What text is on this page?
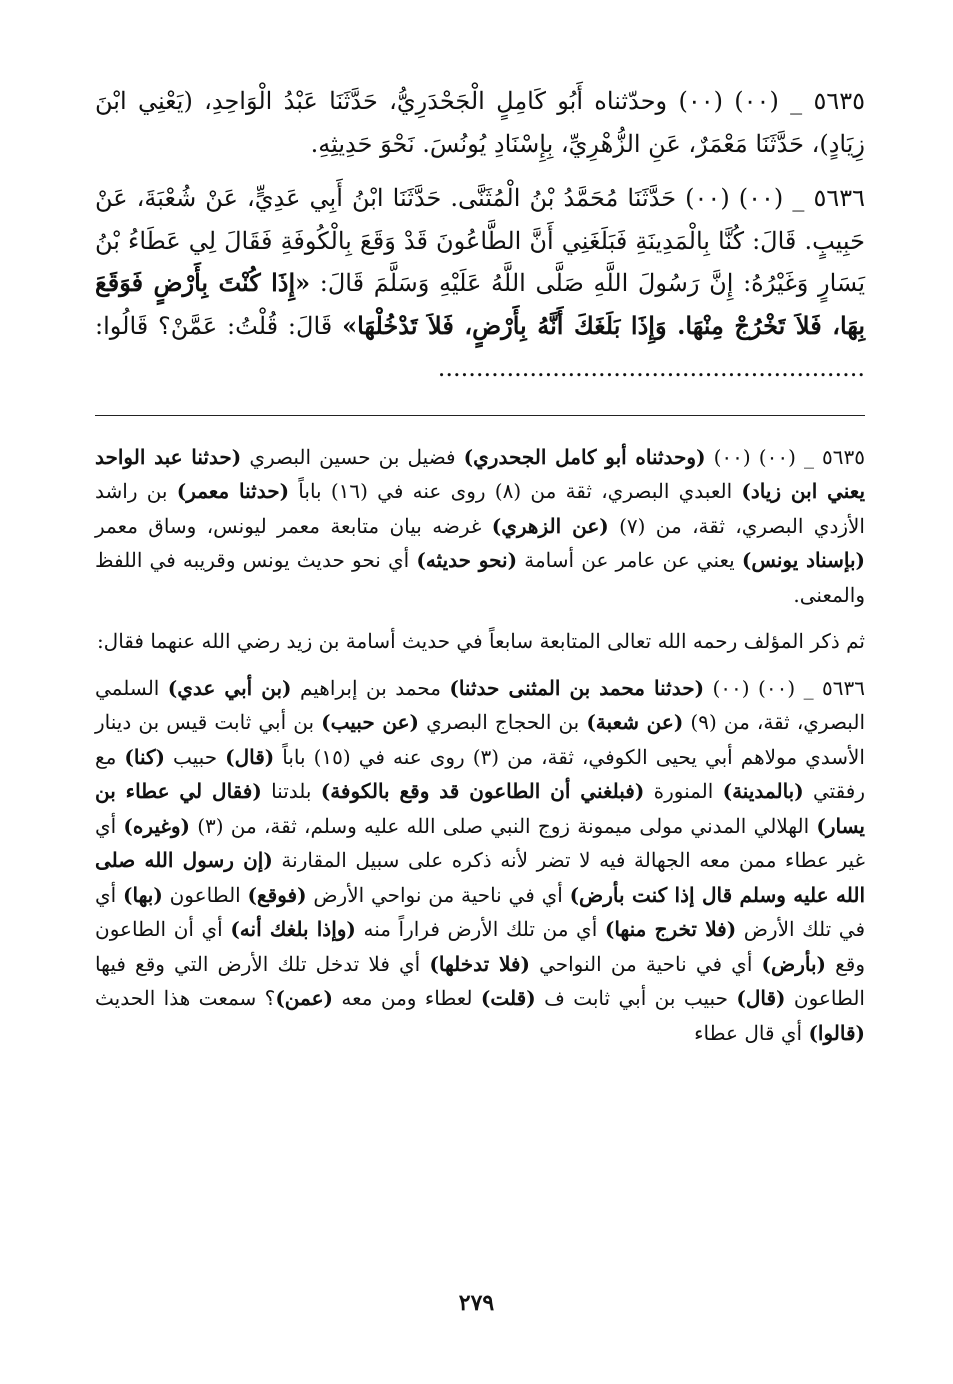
٥٦٣٥ _ (٠٠) (٠٠) وحدّثناه أَبُو كَامِلٍ الْجَحْدَرِيُّ، حَدَّثَنَا عَبْدُ الْوَاحِدِ، (يَعْنِي ابْنَ زِيَادٍ)، حَدَّثَنَا مَعْمَرٌ، عَنِ الزُّهْرِيِّ، بِإِسْنَادِ يُونُسَ. نَحْوَ حَدِيثِهِ.

٥٦٣٦ _ (٠٠) (٠٠) حَدَّثَنَا مُحَمَّدُ بْنُ الْمُثَنَّى. حَدَّثَنَا ابْنُ أَبِي عَدِيٍّ، عَنْ شُعْبَةَ، عَنْ حَبِيبٍ. قَالَ: كُنَّا بِالْمَدِينَةِ فَبَلَغَنِي أَنَّ الطَّاعُونَ قَدْ وَقَعَ بِالْكُوفَةِ فَقَالَ لِي عَطَاءُ بْنُ يَسَارٍ وَغَيْرُهُ: إِنَّ رَسُولَ اللَّهِ صَلَّى اللَّهُ عَلَيْهِ وَسَلَّمَ قَالَ: «إِذَا كُنْتَ بِأَرْضٍ فَوَقَعَ بِهَا، فَلاَ تَخْرُجْ مِنْهَا. وَإِذَا بَلَغَكَ أَنَّهُ بِأَرْضٍ، فَلاَ تَدْخُلْهَا» قَالَ: قُلْتُ: عَمَّنْ؟ قَالُوا: ........................................................

٥٦٣٥ _ (٠٠) (٠٠) (وحدثناه أبو كامل الجحدري) فضيل بن حسين البصري (حدثنا عبد الواحد يعني ابن زياد) العبدي البصري، ثقة من (٨) روى عنه في (١٦) باباً (حدثنا معمر) بن راشد الأزدي البصري، ثقة، من (٧) (عن الزهري) غرضه بيان متابعة معمر ليونس، وساق معمر (بإسناد يونس) يعني عن عامر عن أسامة (نحو حديثه) أي نحو حديث يونس وقريبه في اللفظ والمعنى.

ثم ذكر المؤلف رحمه الله تعالى المتابعة سابعاً في حديث أسامة بن زيد رضي الله عنهما فقال:

٥٦٣٦ _ (٠٠) (٠٠) (حدثنا محمد بن المثنى حدثنا) محمد بن إبراهيم (بن أبي عدي) السلمي البصري، ثقة، من (٩) (عن شعبة) بن الحجاج البصري (عن حبيب) بن أبي ثابت قيس بن دينار الأسدي مولاهم أبي يحيى الكوفي، ثقة، من (٣) روى عنه في (١٥) باباً (قال) حبيب (كنا) مع رفقتي (بالمدينة) المنورة (فبلغني أن الطاعون قد وقع بالكوفة) بلدتنا (فقال لي عطاء بن يسار) الهلالي المدني مولى ميمونة زوج النبي صلى الله عليه وسلم، ثقة، من (٣) (وغيره) أي غير عطاء ممن معه الجهالة فيه لا تضر لأنه ذكره على سبيل المقارنة (إن رسول الله صلى الله عليه وسلم قال إذا كنت بأرض) أي في ناحية من نواحي الأرض (فوقع) الطاعون (بها) أي في تلك الأرض (فلا تخرج منها) أي من تلك الأرض فراراً منه (وإذا بلغك أنه) أي أن الطاعون وقع (بأرض) أي في ناحية من النواحي (فلا تدخلها) أي فلا تدخل تلك الأرض التي وقع فيها الطاعون (قال) حبيب بن أبي ثابت ف (قلت) لعطاء ومن معه (عمن)؟ سمعت هذا الحديث (قالوا) أي قال عطاء

٢٧٩
